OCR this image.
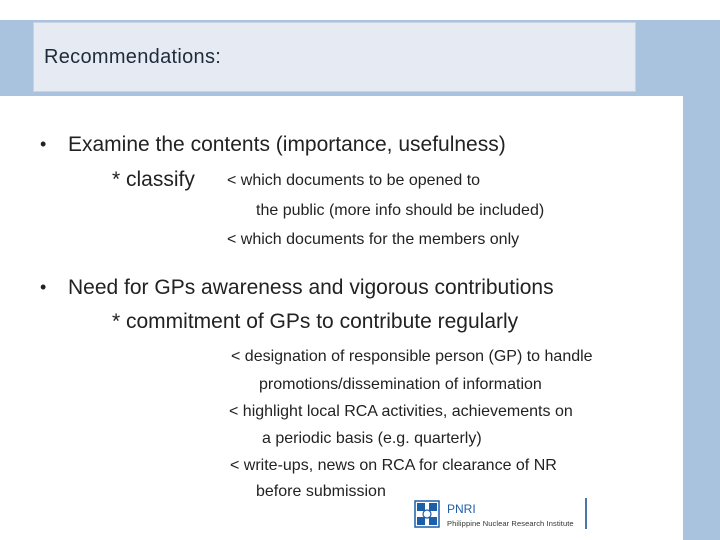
Recommendations:
• Examine the contents (importance, usefulness)
* classify < which documents to be opened to
the public (more info should be included)
< which documents for the members only
• Need for GPs awareness and vigorous contributions
* commitment of GPs to contribute regularly
< designation of responsible person (GP) to handle
promotions/dissemination of information
< highlight local RCA activities, achievements on
a periodic basis (e.g. quarterly)
< write-ups, news on RCA for clearance of NR
before submission
PNRI
Philippine Nuclear Research Institute
